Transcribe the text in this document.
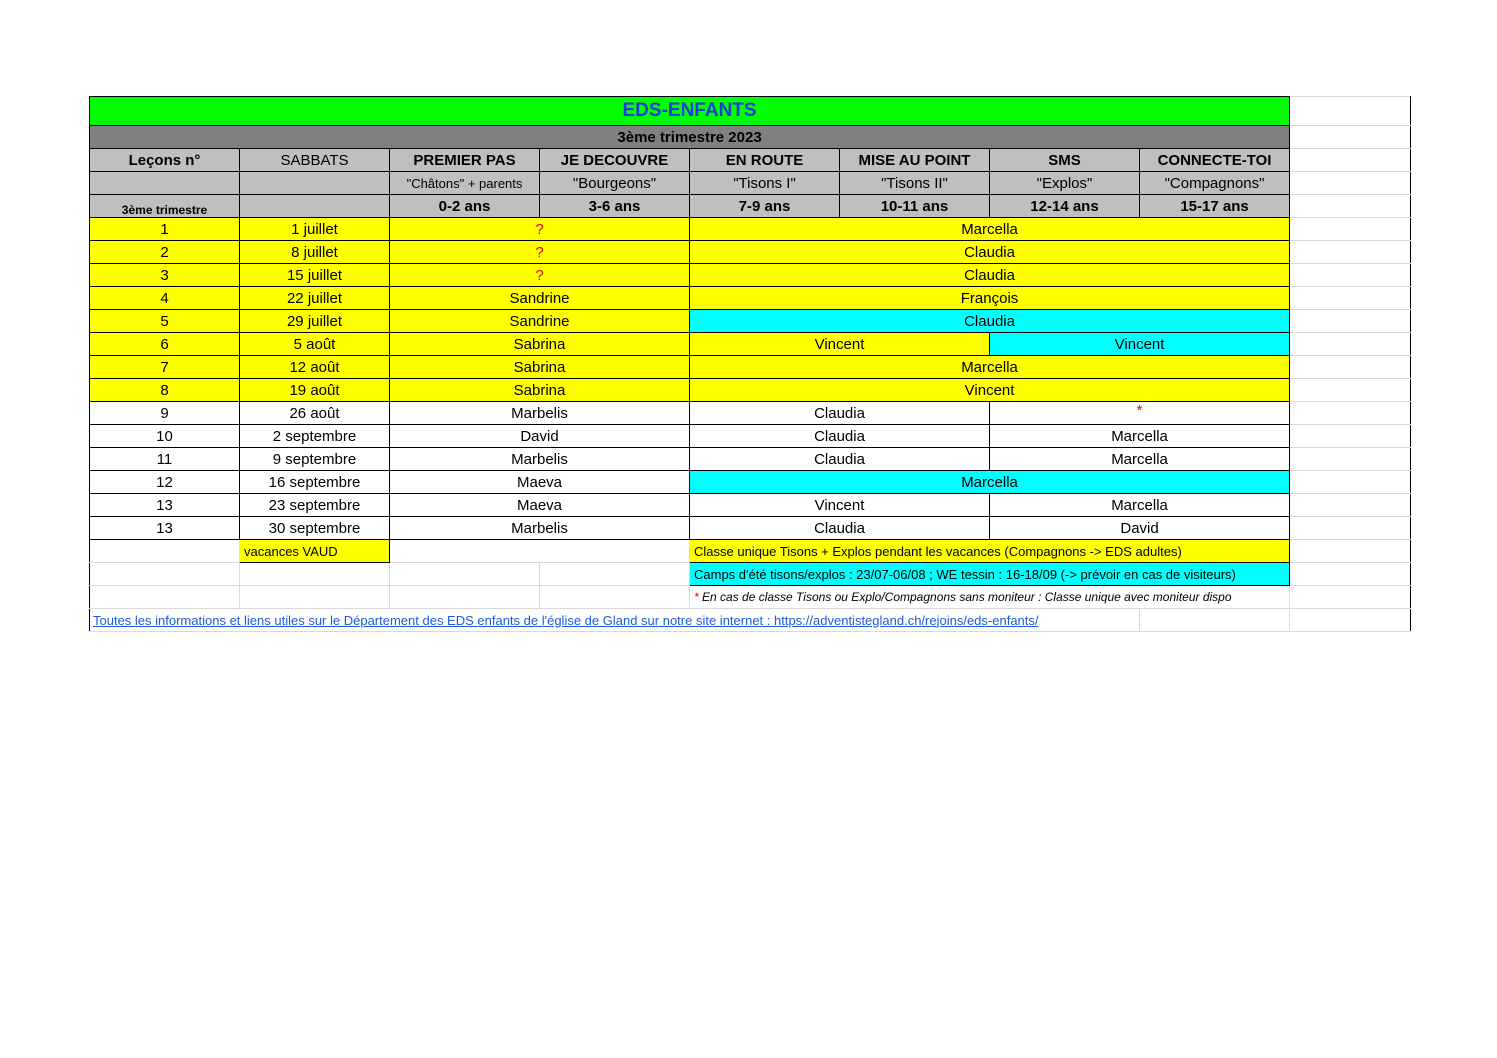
EDS-ENFANTS								
3ème trimestre 2023								
Leçons n°	SABBATS	PREMIER PAS	JE DECOUVRE	EN ROUTE	MISE AU POINT	SMS	CONNECTE-TOI	
		"Châtons" + parents	"Bourgeons"	"Tisons I"	"Tisons II"	"Explos"	"Compagnons"	
3ème trimestre		0-2 ans	3-6 ans	7-9 ans	10-11 ans	12-14 ans	15-17 ans	
1	1 juillet	?		Marcella				
2	8 juillet	?		Claudia				
3	15 juillet	?		Claudia				
4	22 juillet	Sandrine		François				
5	29 juillet	Sandrine		Claudia				
6	5 août	Sabrina		Vincent		Vincent		
7	12 août	Sabrina		Marcella				
8	19 août	Sabrina		Vincent				
9	26 août	Marbelis		Claudia		*		
10	2 septembre	David		Claudia		Marcella		
11	9 septembre	Marbelis		Claudia		Marcella		
12	16 septembre	Maeva		Marcella				
13	23 septembre	Maeva		Vincent		Marcella		
13	30 septembre	Marbelis		Claudia		David		
	vacances VAUD			Classe unique Tisons + Explos pendant les vacances (Compagnons -> EDS adultes)				
				Camps d'été tisons/explos : 23/07-06/08 ; WE tessin : 16-18/09 (-> prévoir en cas de visiteurs)				
				* En cas de classe Tisons ou Explo/Compagnons sans moniteur : Classe unique avec moniteur dispo				
Toutes les informations et liens utiles sur le Département des EDS enfants de l'église de Gland sur notre site internet : https://adventistegland.ch/rejoins/eds-enfants/								
